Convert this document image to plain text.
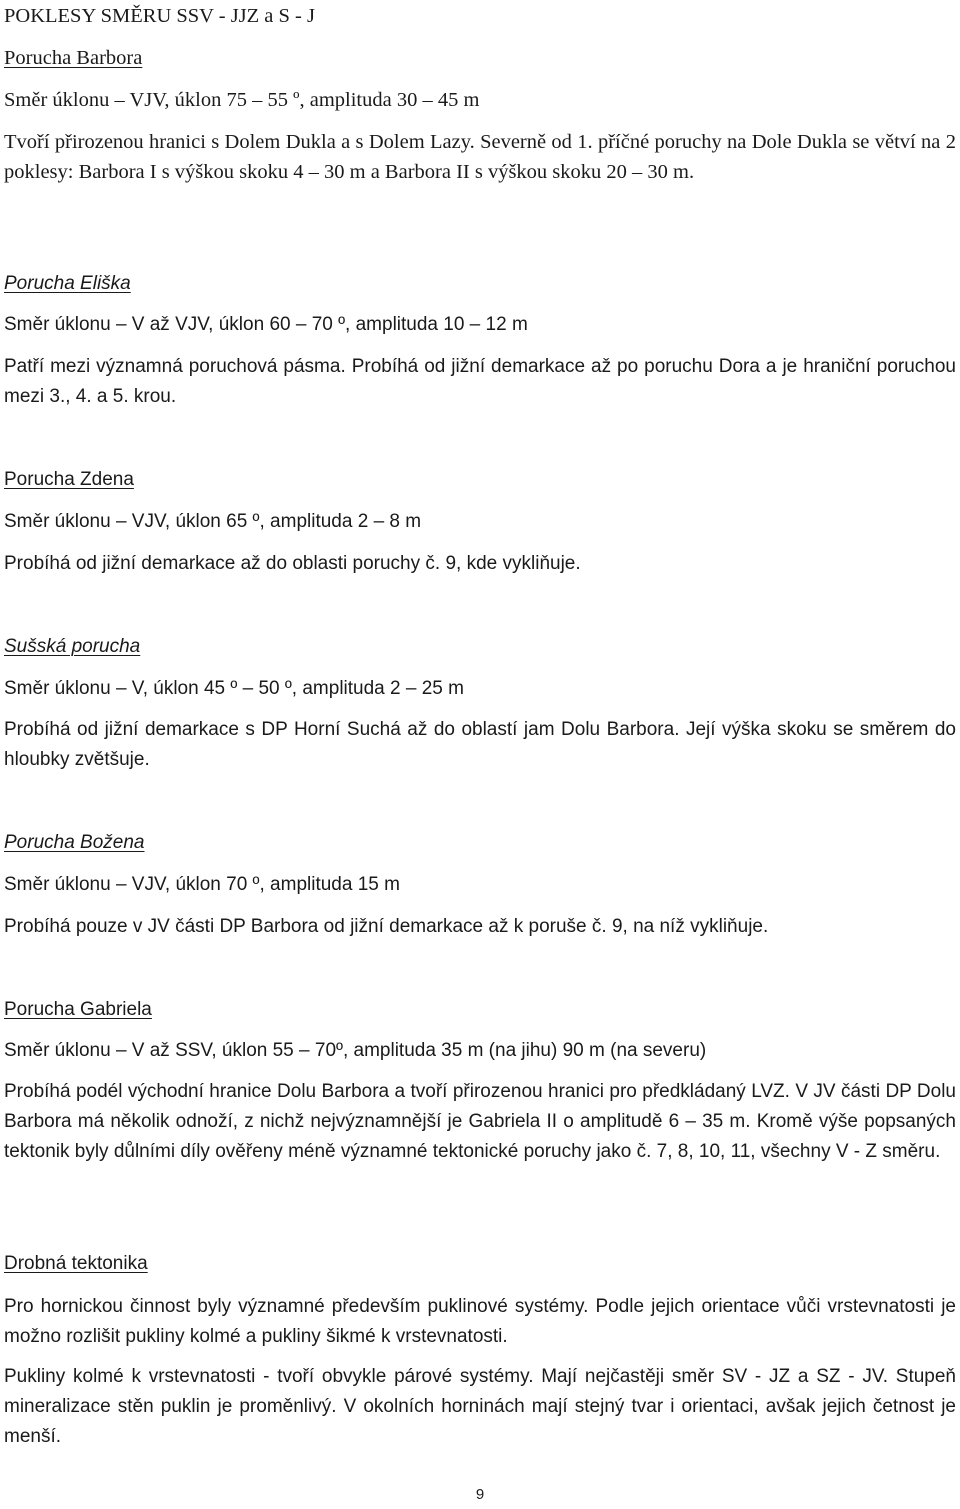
POKLESY SMĚRU SSV - JJZ a S - J
Porucha Barbora
Směr úklonu – VJV, úklon 75 – 55 º, amplituda 30 – 45 m
Tvoří přirozenou hranici s Dolem Dukla a s Dolem Lazy. Severně od 1. příčné poruchy na Dole Dukla se větví na 2 poklesy: Barbora I s výškou skoku 4 – 30 m a Barbora II s výškou skoku 20 – 30 m.
Porucha Eliška
Směr úklonu – V až VJV, úklon 60 – 70 º, amplituda 10 – 12 m
Patří mezi významná poruchová pásma. Probíhá od jižní demarkace až po poruchu Dora a je hraniční poruchou mezi 3., 4. a 5. krou.
Porucha Zdena
Směr úklonu – VJV, úklon 65 º, amplituda 2 – 8 m
Probíhá od jižní demarkace až do oblasti poruchy č. 9, kde vykliňuje.
Sušská porucha
Směr úklonu – V, úklon 45 º – 50 º, amplituda 2 – 25 m
Probíhá od jižní demarkace s DP Horní Suchá až do oblastí jam Dolu Barbora. Její výška skoku se směrem do hloubky zvětšuje.
Porucha Božena
Směr úklonu – VJV, úklon 70 º, amplituda 15 m
Probíhá pouze v JV části DP Barbora od jižní demarkace až k poruše č. 9, na níž vykliňuje.
Porucha Gabriela
Směr úklonu – V až SSV, úklon 55 – 70º, amplituda 35 m (na jihu) 90 m (na severu)
Probíhá podél východní hranice Dolu Barbora a tvoří přirozenou hranici pro předkládaný LVZ. V JV části DP Dolu Barbora má několik odnoží, z nichž nejvýznamnější je Gabriela II o amplitudě 6 – 35 m. Kromě výše popsaných tektonik byly důlními díly ověřeny méně významné tektonické poruchy jako č. 7, 8, 10, 11, všechny V - Z směru.
Drobná tektonika
Pro hornickou činnost byly významné především puklinové systémy. Podle jejich orientace vůči vrstevnatosti je možno rozlišit pukliny kolmé a pukliny šikmé k vrstevnatosti.
Pukliny kolmé k vrstevnatosti - tvoří obvykle párové systémy. Mají nejčastěji směr SV - JZ a SZ - JV. Stupeň mineralizace stěn puklin je proměnlivý. V okolních horninách mají stejný tvar i orientaci, avšak jejich četnost je menší.
9
